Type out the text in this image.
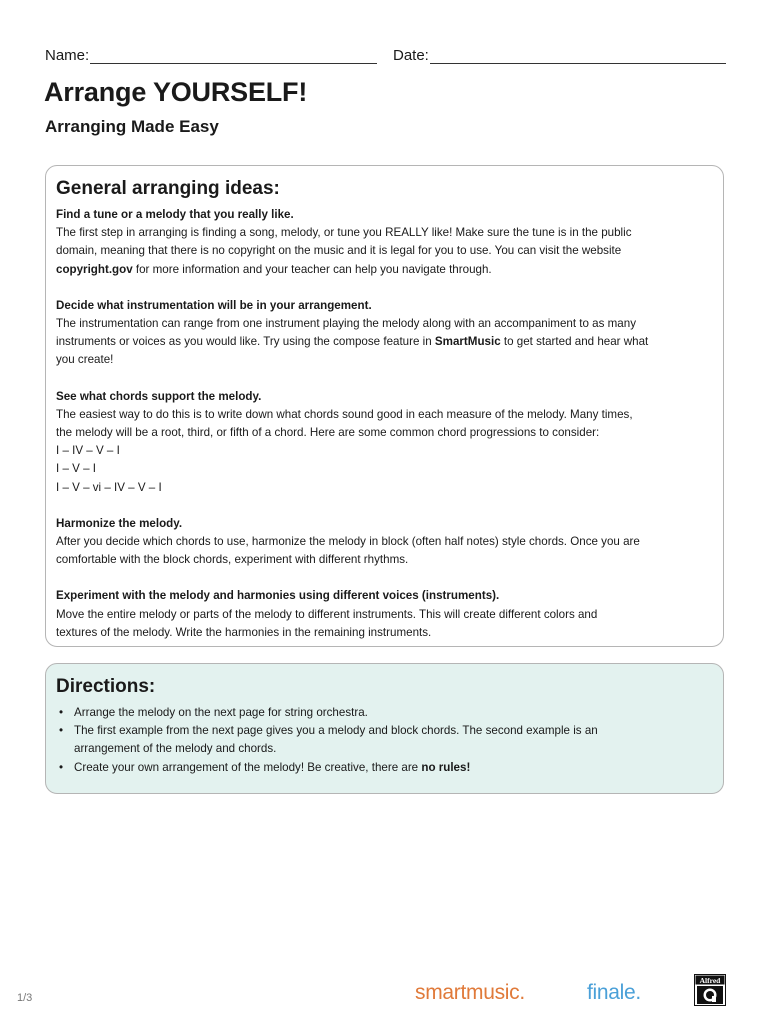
Name:	Date:
Arrange YOURSELF!
Arranging Made Easy
General arranging ideas:
Find a tune or a melody that you really like.
The first step in arranging is finding a song, melody, or tune you REALLY like! Make sure the tune is in the public
domain, meaning that there is no copyright on the music and it is legal for you to use. You can visit the website
copyright.gov for more information and your teacher can help you navigate through.
Decide what instrumentation will be in your arrangement.
The instrumentation can range from one instrument playing the melody along with an accompaniment to as many
instruments or voices as you would like. Try using the compose feature in SmartMusic to get started and hear what
you create!
See what chords support the melody.
The easiest way to do this is to write down what chords sound good in each measure of the melody. Many times,
the melody will be a root, third, or fifth of a chord. Here are some common chord progressions to consider:
I – IV – V – I
I – V – I
I – V – vi – IV – V – I
Harmonize the melody.
After you decide which chords to use, harmonize the melody in block (often half notes) style chords. Once you are
comfortable with the block chords, experiment with different rhythms.
Experiment with the melody and harmonies using different voices (instruments).
Move the entire melody or parts of the melody to different instruments. This will create different colors and
textures of the melody. Write the harmonies in the remaining instruments.
Directions:
• Arrange the melody on the next page for string orchestra.
• The first example from the next page gives you a melody and block chords. The second example is an
arrangement of the melody and chords.
• Create your own arrangement of the melody! Be creative, there are no rules!
1/3	smartmusic.	finale.
Alfred
